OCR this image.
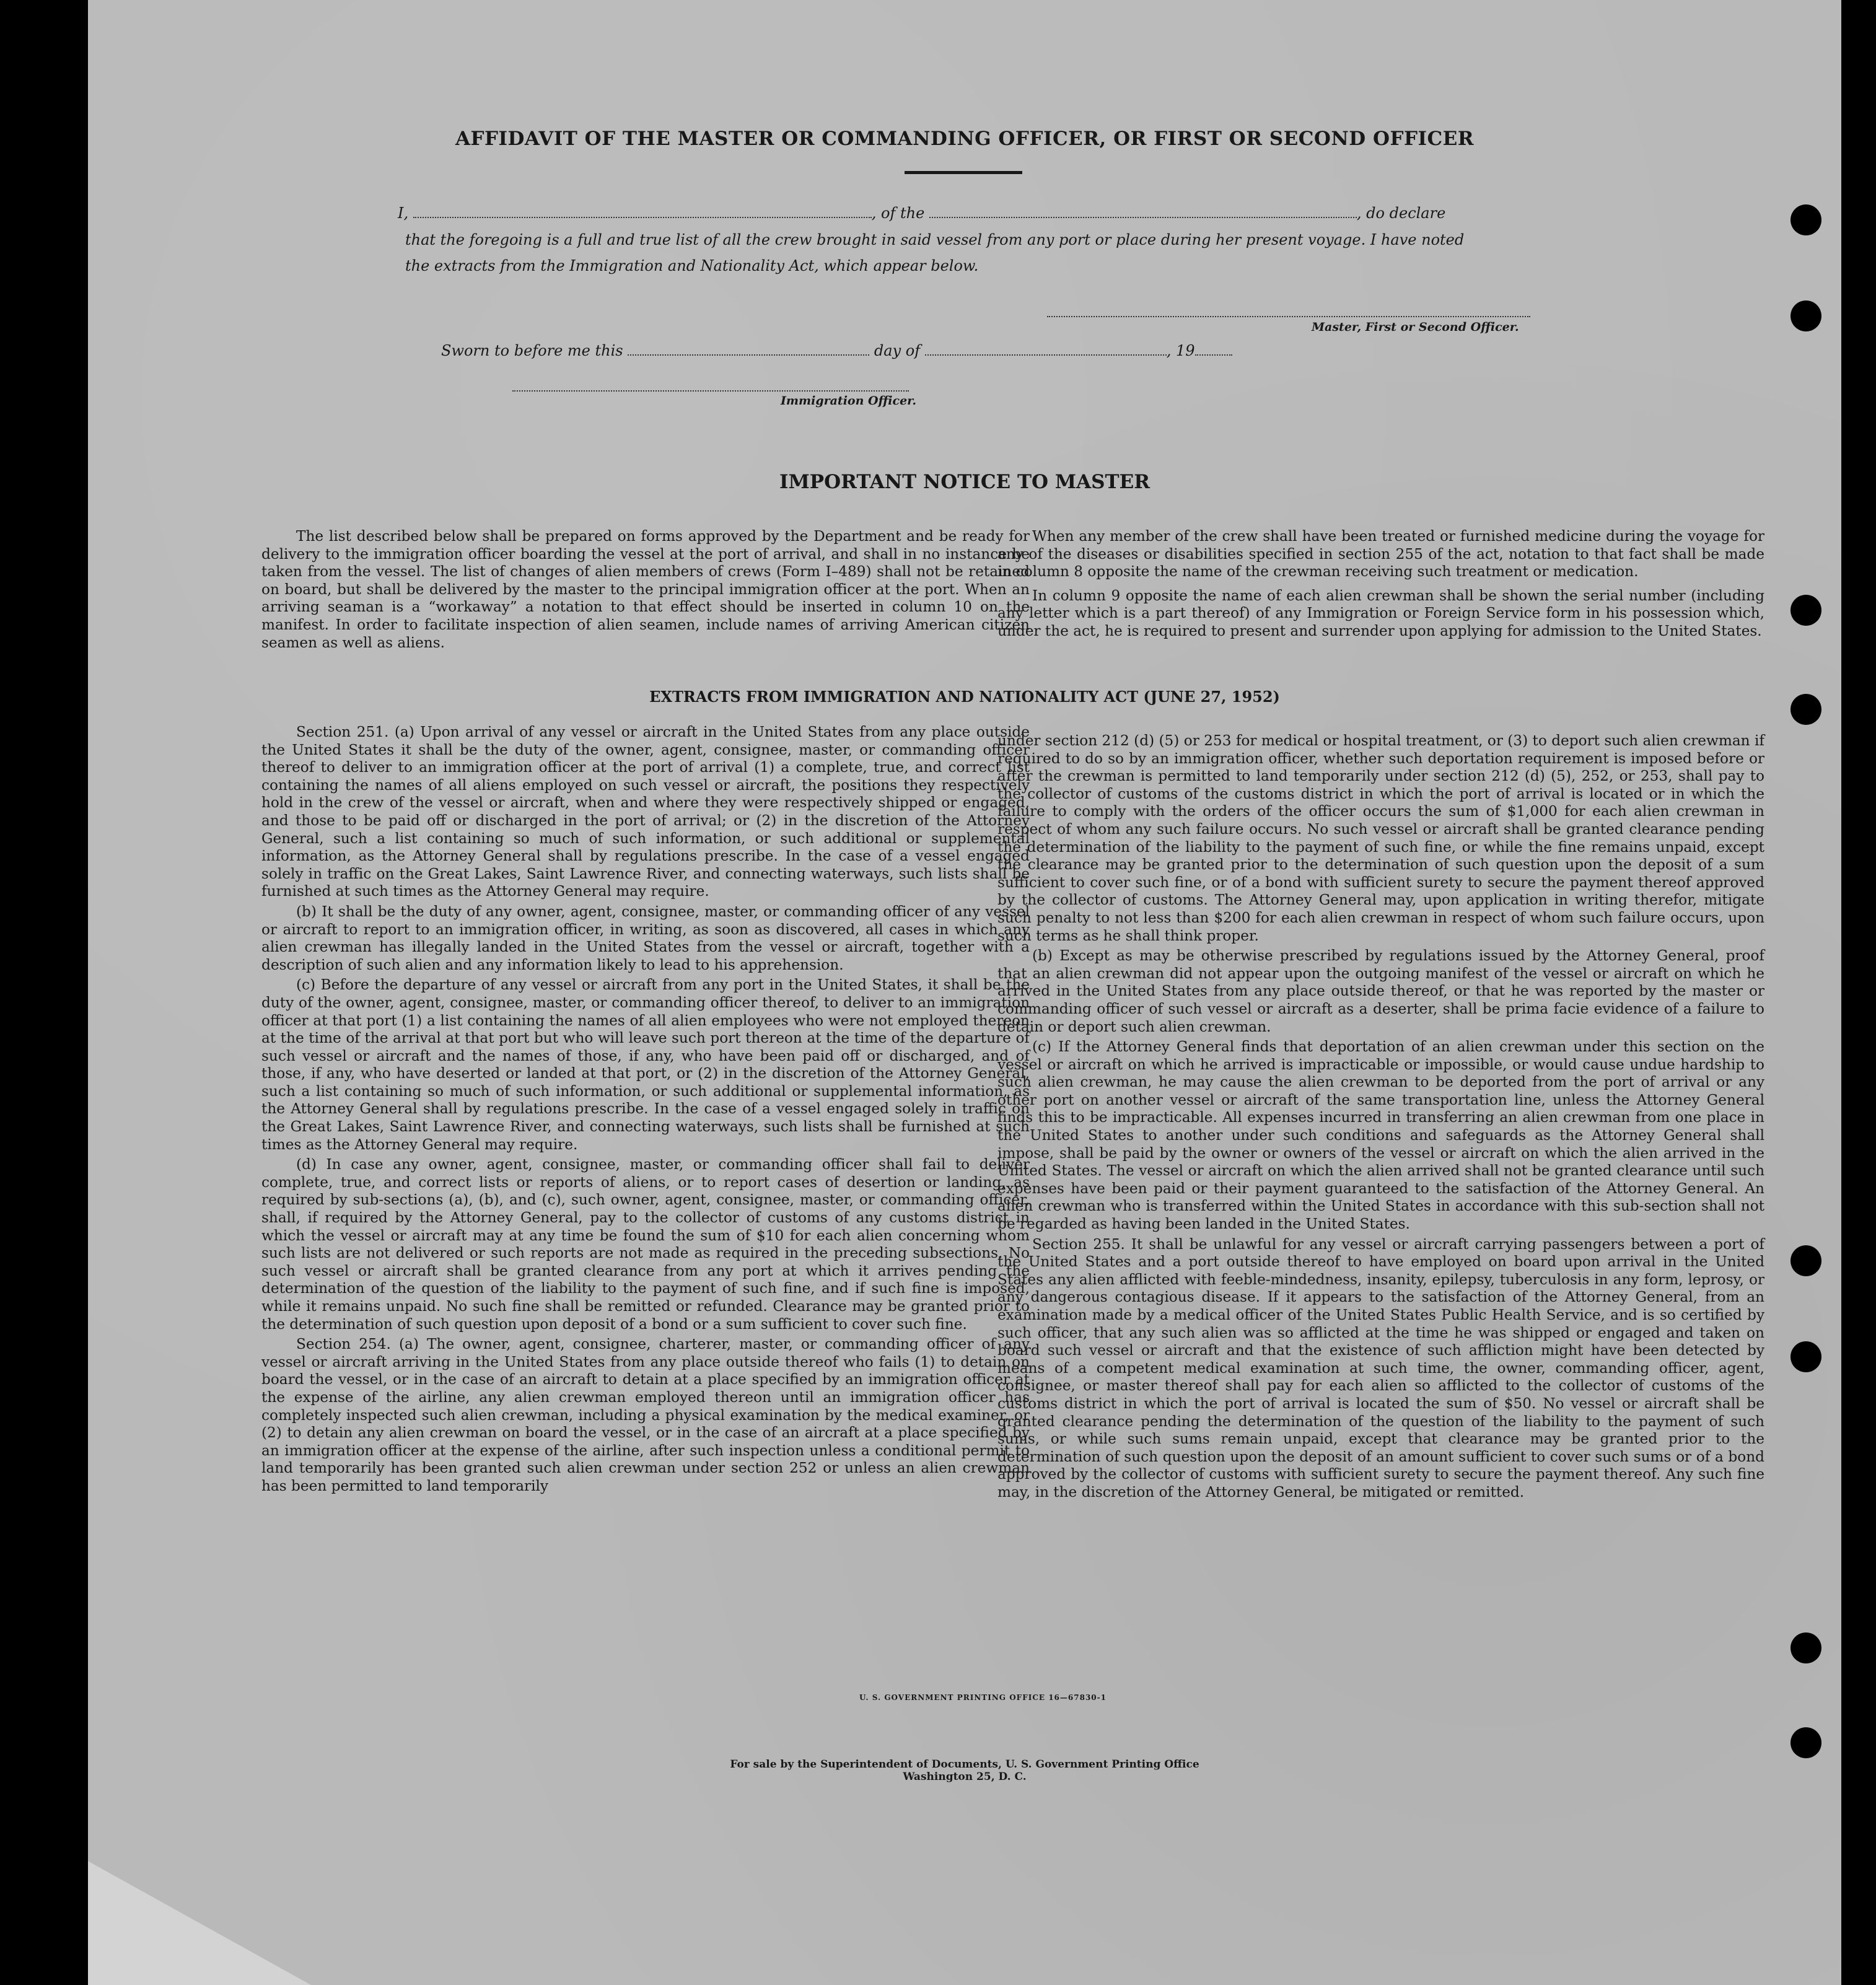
AFFIDAVIT OF THE MASTER OR COMMANDING OFFICER, OR FIRST OR SECOND OFFICER
I,	, of the	, do declare
that the foregoing is a full and true list of all the crew brought in said vessel from any port or place during her present voyage. I have noted
the extracts from the Immigration and Nationality Act, which appear below.
Master, First or Second Officer.
Sworn to before me this	day of	, 19
Immigration Officer.
IMPORTANT NOTICE TO MASTER

The list described below shall be prepared on forms approved by the Department and be ready for delivery to the immigration officer boarding the vessel at the port of arrival, and shall in no instance be taken from the vessel. The list of changes of alien members of crews (Form I–489) shall not be retained on board, but shall be delivered by the master to the principal immigration officer at the port. When an arriving seaman is a “workaway” a notation to that effect should be inserted in column 10 on the manifest. In order to facilitate inspection of alien seamen, include names of arriving American citizen seamen as well as aliens.

When any member of the crew shall have been treated or furnished medicine during the voyage for any of the diseases or disabilities specified in section 255 of the act, notation to that fact shall be made in column 8 opposite the name of the crewman receiving such treatment or medication.

In column 9 opposite the name of each alien crewman shall be shown the serial number (including any letter which is a part thereof) of any Immigration or Foreign Service form in his possession which, under the act, he is required to present and surrender upon applying for admission to the United States.

EXTRACTS FROM IMMIGRATION AND NATIONALITY ACT (JUNE 27, 1952)

Section 251. (a) Upon arrival of any vessel or aircraft in the United States from any place outside the United States it shall be the duty of the owner, agent, consignee, master, or commanding officer thereof to deliver to an immigration officer at the port of arrival (1) a complete, true, and correct list containing the names of all aliens employed on such vessel or aircraft, the positions they respectively hold in the crew of the vessel or aircraft, when and where they were respectively shipped or engaged, and those to be paid off or discharged in the port of arrival; or (2) in the discretion of the Attorney General, such a list containing so much of such information, or such additional or supplemental information, as the Attorney General shall by regulations prescribe. In the case of a vessel engaged solely in traffic on the Great Lakes, Saint Lawrence River, and connecting waterways, such lists shall be furnished at such times as the Attorney General may require.

(b) It shall be the duty of any owner, agent, consignee, master, or commanding officer of any vessel or aircraft to report to an immigration officer, in writing, as soon as discovered, all cases in which any alien crewman has illegally landed in the United States from the vessel or aircraft, together with a description of such alien and any information likely to lead to his apprehension.

(c) Before the departure of any vessel or aircraft from any port in the United States, it shall be the duty of the owner, agent, consignee, master, or commanding officer thereof, to deliver to an immigration officer at that port (1) a list containing the names of all alien employees who were not employed thereon at the time of the arrival at that port but who will leave such port thereon at the time of the departure of such vessel or aircraft and the names of those, if any, who have been paid off or discharged, and of those, if any, who have deserted or landed at that port, or (2) in the discretion of the Attorney General, such a list containing so much of such information, or such additional or supplemental information, as the Attorney General shall by regulations prescribe. In the case of a vessel engaged solely in traffic on the Great Lakes, Saint Lawrence River, and connecting waterways, such lists shall be furnished at such times as the Attorney General may require.

(d) In case any owner, agent, consignee, master, or commanding officer shall fail to deliver complete, true, and correct lists or reports of aliens, or to report cases of desertion or landing, as required by sub-sections (a), (b), and (c), such owner, agent, consignee, master, or commanding officer, shall, if required by the Attorney General, pay to the collector of customs of any customs district in which the vessel or aircraft may at any time be found the sum of $10 for each alien concerning whom such lists are not delivered or such reports are not made as required in the preceding subsections. No such vessel or aircraft shall be granted clearance from any port at which it arrives pending the determination of the question of the liability to the payment of such fine, and if such fine is imposed, while it remains unpaid. No such fine shall be remitted or refunded. Clearance may be granted prior to the determination of such question upon deposit of a bond or a sum sufficient to cover such fine.

Section 254. (a) The owner, agent, consignee, charterer, master, or commanding officer of any vessel or aircraft arriving in the United States from any place outside thereof who fails (1) to detain on board the vessel, or in the case of an aircraft to detain at a place specified by an immigration officer at the expense of the airline, any alien crewman employed thereon until an immigration officer has completely inspected such alien crewman, including a physical examination by the medical examiner, or (2) to detain any alien crewman on board the vessel, or in the case of an aircraft at a place specified by an immigration officer at the expense of the airline, after such inspection unless a conditional permit to land temporarily has been granted such alien crewman under section 252 or unless an alien crewman has been permitted to land temporarily

under section 212 (d) (5) or 253 for medical or hospital treatment, or (3) to deport such alien crewman if required to do so by an immigration officer, whether such deportation requirement is imposed before or after the crewman is permitted to land temporarily under section 212 (d) (5), 252, or 253, shall pay to the collector of customs of the customs district in which the port of arrival is located or in which the failure to comply with the orders of the officer occurs the sum of $1,000 for each alien crewman in respect of whom any such failure occurs. No such vessel or aircraft shall be granted clearance pending the determination of the liability to the payment of such fine, or while the fine remains unpaid, except the clearance may be granted prior to the determination of such question upon the deposit of a sum sufficient to cover such fine, or of a bond with sufficient surety to secure the payment thereof approved by the collector of customs. The Attorney General may, upon application in writing therefor, mitigate such penalty to not less than $200 for each alien crewman in respect of whom such failure occurs, upon such terms as he shall think proper.

(b) Except as may be otherwise prescribed by regulations issued by the Attorney General, proof that an alien crewman did not appear upon the outgoing manifest of the vessel or aircraft on which he arrived in the United States from any place outside thereof, or that he was reported by the master or commanding officer of such vessel or aircraft as a deserter, shall be prima facie evidence of a failure to detain or deport such alien crewman.

(c) If the Attorney General finds that deportation of an alien crewman under this section on the vessel or aircraft on which he arrived is impracticable or impossible, or would cause undue hardship to such alien crewman, he may cause the alien crewman to be deported from the port of arrival or any other port on another vessel or aircraft of the same transportation line, unless the Attorney General finds this to be impracticable. All expenses incurred in transferring an alien crewman from one place in the United States to another under such conditions and safeguards as the Attorney General shall impose, shall be paid by the owner or owners of the vessel or aircraft on which the alien arrived in the United States. The vessel or aircraft on which the alien arrived shall not be granted clearance until such expenses have been paid or their payment guaranteed to the satisfaction of the Attorney General. An alien crewman who is transferred within the United States in accordance with this sub-section shall not be regarded as having been landed in the United States.

Section 255. It shall be unlawful for any vessel or aircraft carrying passengers between a port of the United States and a port outside thereof to have employed on board upon arrival in the United States any alien afflicted with feeble-mindedness, insanity, epilepsy, tuberculosis in any form, leprosy, or any dangerous contagious disease. If it appears to the satisfaction of the Attorney General, from an examination made by a medical officer of the United States Public Health Service, and is so certified by such officer, that any such alien was so afflicted at the time he was shipped or engaged and taken on board such vessel or aircraft and that the existence of such affliction might have been detected by means of a competent medical examination at such time, the owner, commanding officer, agent, consignee, or master thereof shall pay for each alien so afflicted to the collector of customs of the customs district in which the port of arrival is located the sum of $50. No vessel or aircraft shall be granted clearance pending the determination of the question of the liability to the payment of such sums, or while such sums remain unpaid, except that clearance may be granted prior to the determination of such question upon the deposit of an amount sufficient to cover such sums or of a bond approved by the collector of customs with sufficient surety to secure the payment thereof. Any such fine may, in the discretion of the Attorney General, be mitigated or remitted.

U. S. GOVERNMENT PRINTING OFFICE 16—67830-1
For sale by the Superintendent of Documents, U. S. Government Printing Office
Washington 25, D. C.
